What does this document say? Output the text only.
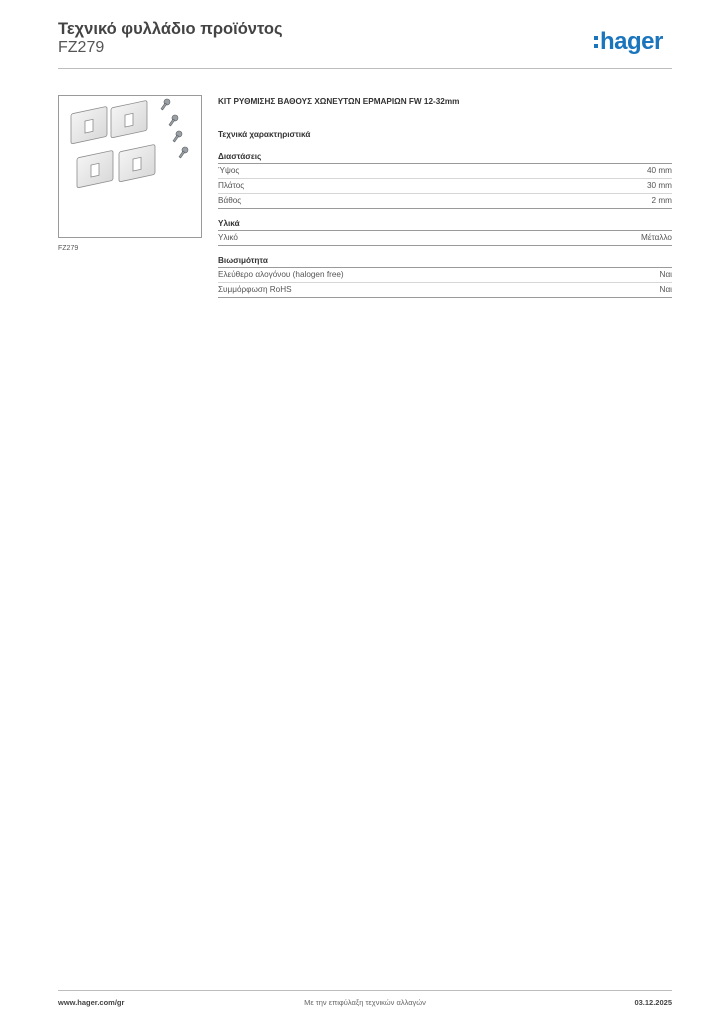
Τεχνικό φυλλάδιο προϊόντος
FZ279	hager
FZ279
ΚΙΤ ΡΥΘΜΙΣΗΣ ΒΑΘΟΥΣ ΧΩΝΕΥΤΩΝ ΕΡΜΑΡΙΩΝ FW 12-32mm
Τεχνικά χαρακτηριστικά
Διαστάσεις
Ύψος	40 mm
Πλάτος	30 mm
Βάθος	2 mm
Υλικά
Υλικό	Μέταλλο
Βιωσιμότητα
Ελεύθερο αλογόνου (halogen free)	Ναι
Συμμόρφωση RoHS	Ναι
www.hager.com/gr	Με την επιφύλαξη τεχνικών αλλαγών	03.12.2025
